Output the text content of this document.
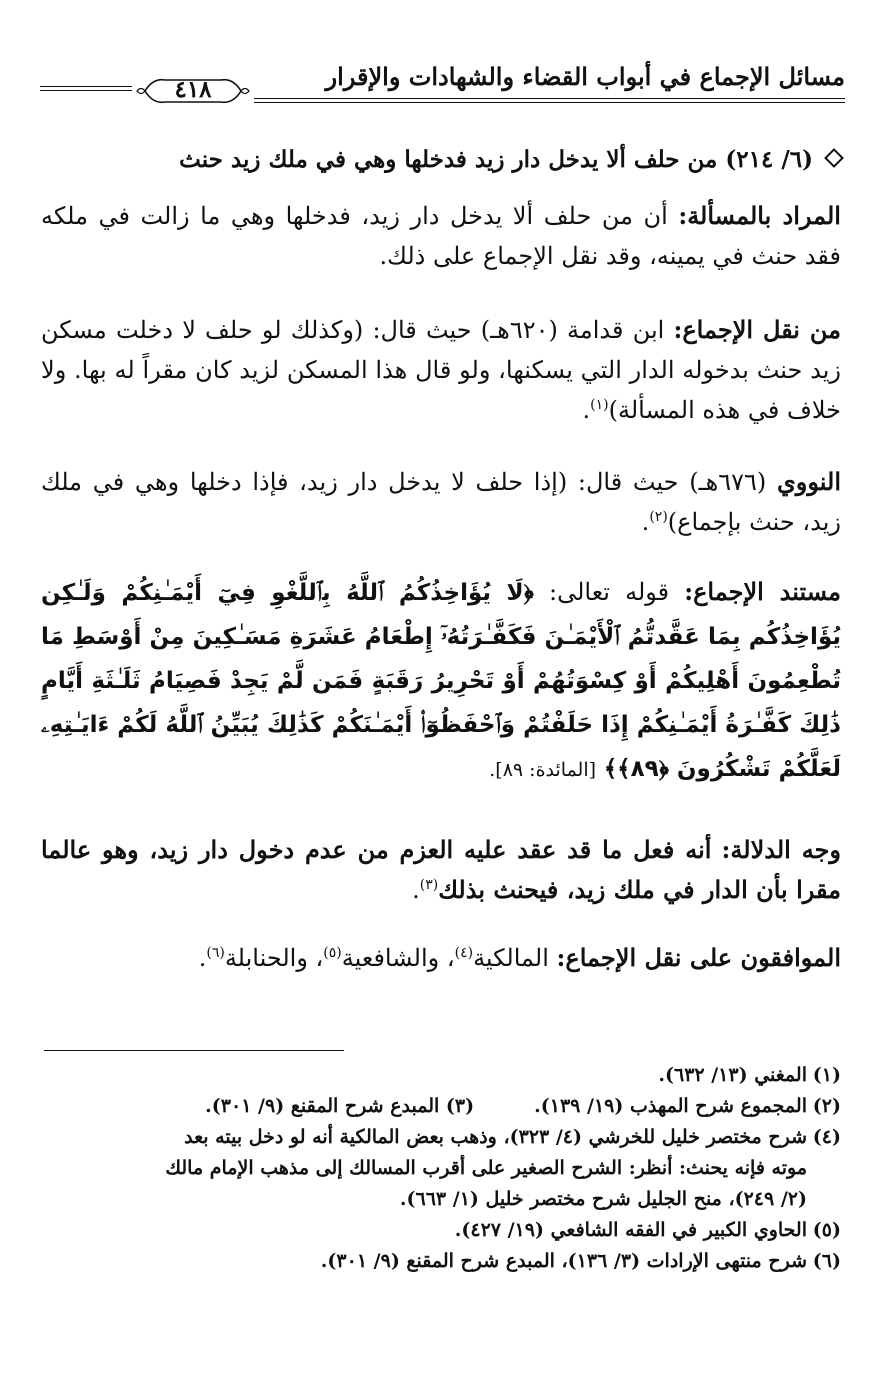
مسائل الإجماع في أبواب القضاء والشهادات والإقرار
٤١٨
(٦/ ٢١٤) من حلف ألا يدخل دار زيد فدخلها وهي في ملك زيد حنث
المراد بالمسألة: أن من حلف ألا يدخل دار زيد، فدخلها وهي ما زالت في ملكه فقد حنث في يمينه، وقد نقل الإجماع على ذلك.
من نقل الإجماع: ابن قدامة (٦٢٠هـ) حيث قال: (وكذلك لو حلف لا دخلت مسكن زيد حنث بدخوله الدار التي يسكنها، ولو قال هذا المسكن لزيد كان مقراً له بها. ولا خلاف في هذه المسألة)$^{(١)}$.
النووي (٦٧٦هـ) حيث قال: (إذا حلف لا يدخل دار زيد، فإذا دخلها وهي في ملك زيد، حنث بإجماع)$^{(٢)}$.
مستند الإجماع: قوله تعالى: ﴿لَا يُؤَاخِذُكُمُ ٱللَّهُ بِٱللَّغْوِ فِيٓ أَيْمَـٰنِكُمْ وَلَـٰكِن يُؤَاخِذُكُم بِمَا عَقَّدتُّمُ ٱلْأَيْمَـٰنَ فَكَفَّـٰرَتُهُۥٓ إِطْعَامُ عَشَرَةِ مَسَـٰكِينَ مِنْ أَوْسَطِ مَا تُطْعِمُونَ أَهْلِيكُمْ أَوْ كِسْوَتُهُمْ أَوْ تَحْرِيرُ رَقَبَةٍ فَمَن لَّمْ يَجِدْ فَصِيَامُ ثَلَـٰثَةِ أَيَّامٍ ذَٰلِكَ كَفَّـٰرَةُ أَيْمَـٰنِكُمْ إِذَا حَلَفْتُمْ وَٱحْفَظُوٓا۟ أَيْمَـٰنَكُمْ كَذَٰلِكَ يُبَيِّنُ ٱللَّهُ لَكُمْ ءَايَـٰتِهِۦ لَعَلَّكُمْ تَشْكُرُونَ ﴿٨٩﴾﴾ [المائدة: ٨٩].
وجه الدلالة: أنه فعل ما قد عقد عليه العزم من عدم دخول دار زيد، وهو عالما مقرا بأن الدار في ملك زيد، فيحنث بذلك$^{(٣)}$.
الموافقون على نقل الإجماع: المالكية$^{(٤)}$، والشافعية$^{(٥)}$، والحنابلة$^{(٦)}$.
(١)المغني (١٣/ ٦٣٢).
(٢)المجموع شرح المهذب (١٩/ ١٣٩).(٣) المبدع شرح المقنع (٩/ ٣٠١).
(٤)شرح مختصر خليل للخرشي (٤/ ٣٢٣)، وذهب بعض المالكية أنه لو دخل بيته بعد
موته فإنه يحنث: أنظر: الشرح الصغير على أقرب المسالك إلى مذهب الإمام مالك
(٢/ ٢٤٩)، منح الجليل شرح مختصر خليل (١/ ٦٦٣).
(٥)الحاوي الكبير في الفقه الشافعي (١٩/ ٤٢٧).
(٦)شرح منتهى الإرادات (٣/ ١٣٦)، المبدع شرح المقنع (٩/ ٣٠١).
